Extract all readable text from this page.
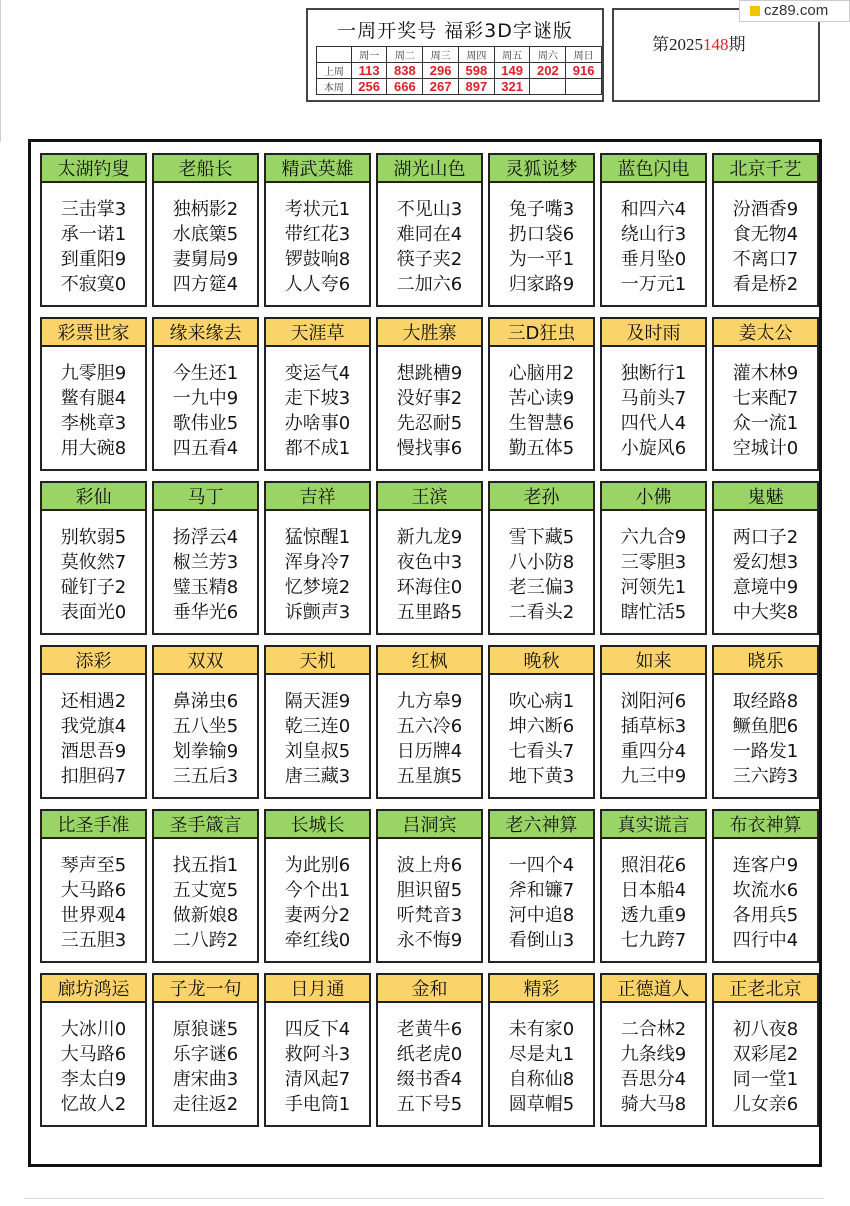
一周开奖号 福彩3D字谜版
	周一	周二	周三	周四	周五	周六	周日
上周	113	838	296	598	149	202	916
本周	256	666	267	897	321		
第2025148期
cz89.com
太湖钓叟
三击掌3
承一诺1
到重阳9
不寂寞0
老船长
独柄影2
水底篥5
妻舅局9
四方筵4
精武英雄
考状元1
带红花3
锣鼓响8
人人夸6
湖光山色
不见山3
难同在4
筷子夹2
二加六6
灵狐说梦
兔子嘴3
扔口袋6
为一平1
归家路9
蓝色闪电
和四六4
绕山行3
垂月坠0
一万元1
北京千艺
汾酒香9
食无物4
不离口7
看是桥2
彩票世家
九零胆9
鳖有腿4
李桃章3
用大碗8
缘来缘去
今生还1
一九中9
歌伟业5
四五看4
天涯草
变运气4
走下坡3
办啥事0
都不成1
大胜寨
想跳槽9
没好事2
先忍耐5
慢找事6
三D狂虫
心脑用2
苦心读9
生智慧6
勤五体5
及时雨
独断行1
马前头7
四代人4
小旋风6
姜太公
灌木林9
七来配7
众一流1
空城计0
彩仙
别软弱5
莫攸然7
碰钉子2
表面光0
马丁
扬浮云4
椒兰芳3
璧玉精8
垂华光6
吉祥
猛惊醒1
浑身冷7
忆梦境2
诉颤声3
王滨
新九龙9
夜色中3
环海住0
五里路5
老孙
雪下藏5
八小防8
老三偏3
二看头2
小佛
六九合9
三零胆3
河领先1
瞎忙活5
鬼魅
两口子2
爱幻想3
意境中9
中大奖8
添彩
还相遇2
我党旗4
酒思吾9
扣胆码7
双双
鼻涕虫6
五八坐5
划拳输9
三五后3
天机
隔天涯9
乾三连0
刘皇叔5
唐三藏3
红枫
九方皋9
五六冷6
日历牌4
五星旗5
晚秋
吹心病1
坤六断6
七看头7
地下黄3
如来
浏阳河6
插草标3
重四分4
九三中9
晓乐
取经路8
鳜鱼肥6
一路发1
三六跨3
比圣手准
琴声至5
大马路6
世界观4
三五胆3
圣手箴言
找五指1
五丈宽5
做新娘8
二八跨2
长城长
为此别6
今个出1
妻两分2
牵红线0
吕洞宾
波上舟6
胆识留5
听梵音3
永不悔9
老六神算
一四个4
斧和镰7
河中追8
看倒山3
真实谎言
照泪花6
日本船4
透九重9
七九跨7
布衣神算
连客户9
坎流水6
各用兵5
四行中4
廊坊鸿运
大冰川0
大马路6
李太白9
忆故人2
子龙一句
原狼谜5
乐字谜6
唐宋曲3
走往返2
日月通
四反下4
救阿斗3
清风起7
手电筒1
金和
老黄牛6
纸老虎0
缀书香4
五下号5
精彩
未有家0
尽是丸1
自称仙8
圆草帽5
正德道人
二合林2
九条线9
吾思分4
骑大马8
正老北京
初八夜8
双彩尾2
同一堂1
儿女亲6
